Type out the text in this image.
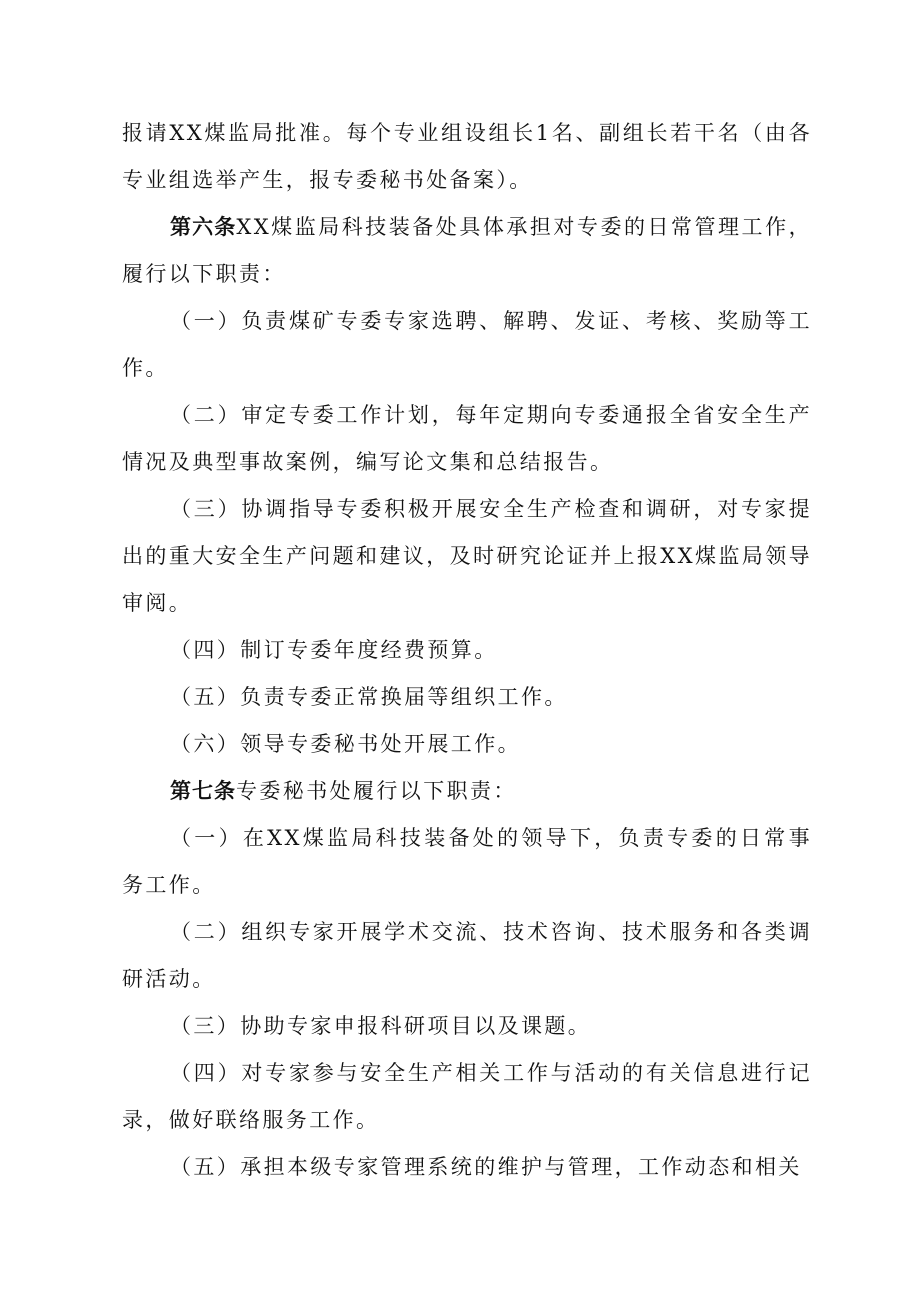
报请XX煤监局批准。每个专业组设组长1名、副组长若干名（由各专业组选举产生，报专委秘书处备案）。

第六条XX煤监局科技装备处具体承担对专委的日常管理工作，履行以下职责：

（一）负责煤矿专委专家选聘、解聘、发证、考核、奖励等工作。

（二）审定专委工作计划，每年定期向专委通报全省安全生产情况及典型事故案例，编写论文集和总结报告。

（三）协调指导专委积极开展安全生产检查和调研，对专家提出的重大安全生产问题和建议，及时研究论证并上报XX煤监局领导审阅。

（四）制订专委年度经费预算。

（五）负责专委正常换届等组织工作。

（六）领导专委秘书处开展工作。

第七条专委秘书处履行以下职责：

（一）在XX煤监局科技装备处的领导下，负责专委的日常事务工作。

（二）组织专家开展学术交流、技术咨询、技术服务和各类调研活动。

（三）协助专家申报科研项目以及课题。

（四）对专家参与安全生产相关工作与活动的有关信息进行记录，做好联络服务工作。

（五）承担本级专家管理系统的维护与管理，工作动态和相关
